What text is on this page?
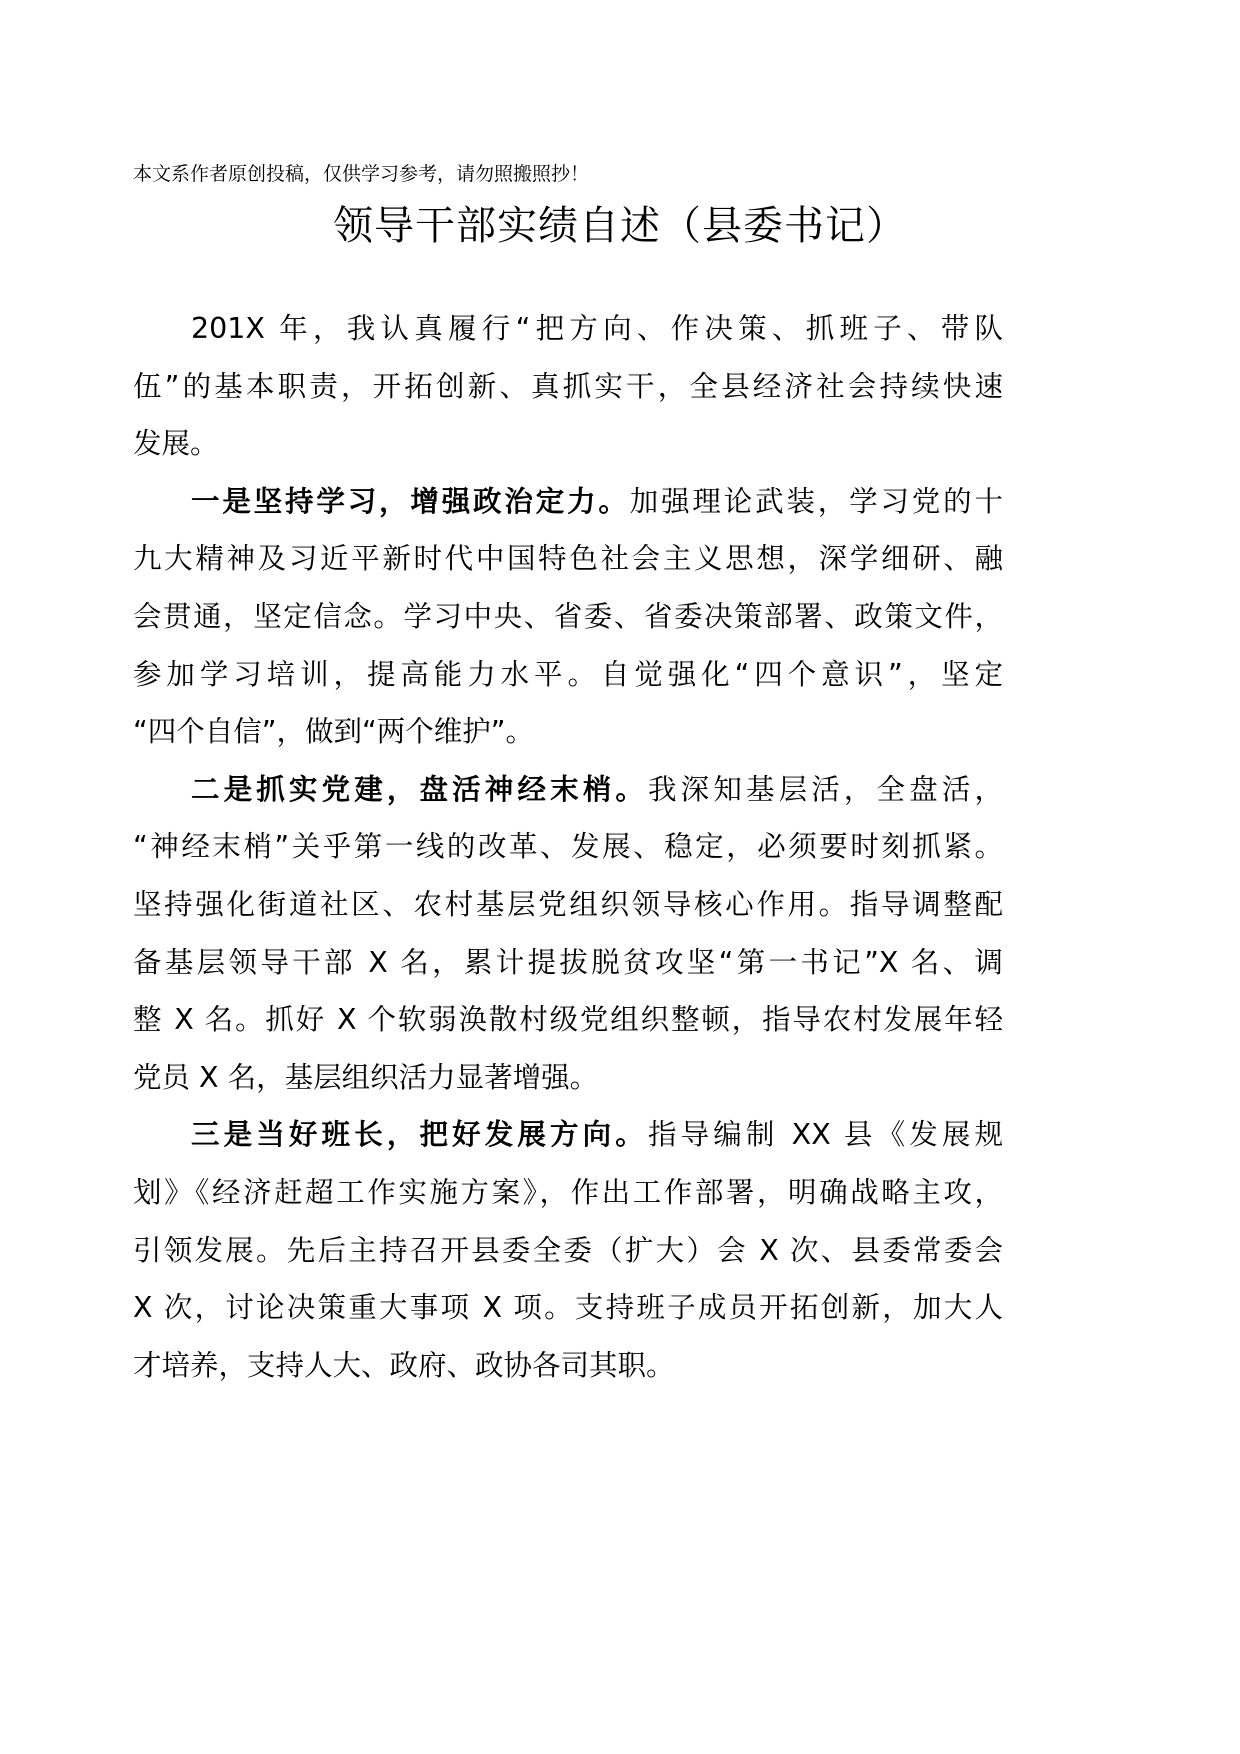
本文系作者原创投稿，仅供学习参考，请勿照搬照抄！
领导干部实绩自述（县委书记）
201X 年，我认真履行“把方向、作决策、抓班子、带队
伍”的基本职责，开拓创新、真抓实干，全县经济社会持续快速
发展。
一是坚持学习，增强政治定力。加强理论武装，学习党的十
九大精神及习近平新时代中国特色社会主义思想，深学细研、融
会贯通，坚定信念。学习中央、省委、省委决策部署、政策文件，
参加学习培训，提高能力水平。自觉强化“四个意识”，坚定
“四个自信”，做到“两个维护”。
二是抓实党建，盘活神经末梢。我深知基层活，全盘活，
“神经末梢”关乎第一线的改革、发展、稳定，必须要时刻抓紧。
坚持强化街道社区、农村基层党组织领导核心作用。指导调整配
备基层领导干部 X 名，累计提拔脱贫攻坚“第一书记”X 名、调
整 X 名。抓好 X 个软弱涣散村级党组织整顿，指导农村发展年轻
党员 X 名，基层组织活力显著增强。
三是当好班长，把好发展方向。指导编制 XX 县《发展规
划》《经济赶超工作实施方案》，作出工作部署，明确战略主攻，
引领发展。先后主持召开县委全委（扩大）会 X 次、县委常委会
X 次，讨论决策重大事项 X 项。支持班子成员开拓创新，加大人
才培养，支持人大、政府、政协各司其职。
